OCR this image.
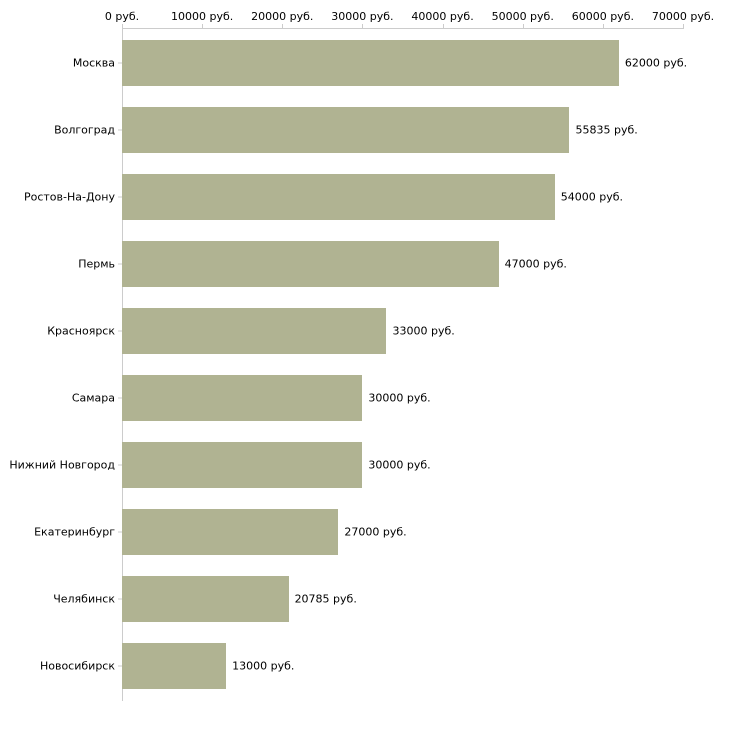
0 руб.	10000 руб. 20000 руб. 30000 руб. 40000 руб. 50000 руб. 60000 руб. 70000 руб.
Москва
Волгоград
Ростов-На-Дону
Пермь
Красноярск
Самара
Нижний Новгород
Екатеринбург
Челябинск
Новосибирск
62000 руб.
55835 руб.
54000 руб.
47000 руб.
33000 руб.
30000 руб.
30000 руб.
27000 руб.
20785 руб.
13000 руб.
